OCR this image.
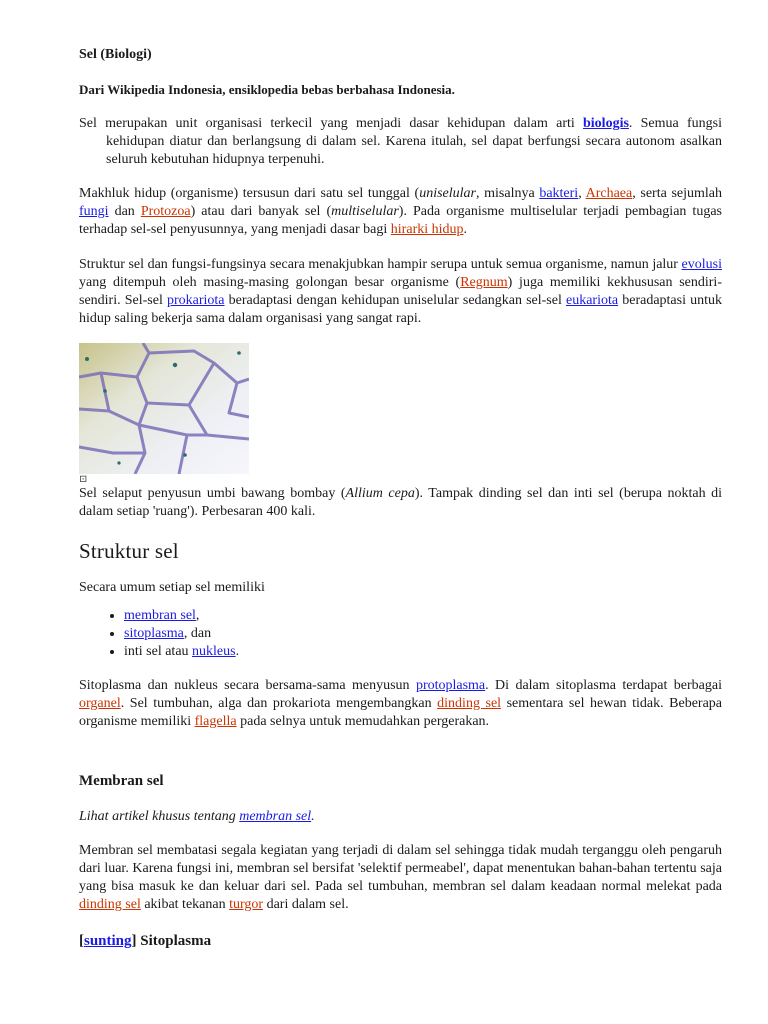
Sel (Biologi)

Dari Wikipedia Indonesia, ensiklopedia bebas berbahasa Indonesia.

Sel merupakan unit organisasi terkecil yang menjadi dasar kehidupan dalam arti biologis. Semua fungsi kehidupan diatur dan berlangsung di dalam sel. Karena itulah, sel dapat berfungsi secara autonom asalkan seluruh kebutuhan hidupnya terpenuhi.

Makhluk hidup (organisme) tersusun dari satu sel tunggal (uniselular, misalnya bakteri, Archaea, serta sejumlah fungi dan Protozoa) atau dari banyak sel (multiselular). Pada organisme multiselular terjadi pembagian tugas terhadap sel-sel penyusunnya, yang menjadi dasar bagi hirarki hidup.

Struktur sel dan fungsi-fungsinya secara menakjubkan hampir serupa untuk semua organisme, namun jalur evolusi yang ditempuh oleh masing-masing golongan besar organisme (Regnum) juga memiliki kekhususan sendiri-sendiri. Sel-sel prokariota beradaptasi dengan kehidupan uniselular sedangkan sel-sel eukariota beradaptasi untuk hidup saling bekerja sama dalam organisasi yang sangat rapi.

⊡

Sel selaput penyusun umbi bawang bombay (Allium cepa). Tampak dinding sel dan inti sel (berupa noktah di dalam setiap 'ruang'). Perbesaran 400 kali.

Struktur sel

Secara umum setiap sel memiliki

• membran sel,
• sitoplasma, dan
• inti sel atau nukleus.

Sitoplasma dan nukleus secara bersama-sama menyusun protoplasma. Di dalam sitoplasma terdapat berbagai organel. Sel tumbuhan, alga dan prokariota mengembangkan dinding sel sementara sel hewan tidak. Beberapa organisme memiliki flagella pada selnya untuk memudahkan pergerakan.

Membran sel

Lihat artikel khusus tentang membran sel.

Membran sel membatasi segala kegiatan yang terjadi di dalam sel sehingga tidak mudah terganggu oleh pengaruh dari luar. Karena fungsi ini, membran sel bersifat 'selektif permeabel', dapat menentukan bahan-bahan tertentu saja yang bisa masuk ke dan keluar dari sel. Pada sel tumbuhan, membran sel dalam keadaan normal melekat pada dinding sel akibat tekanan turgor dari dalam sel.

[sunting] Sitoplasma
